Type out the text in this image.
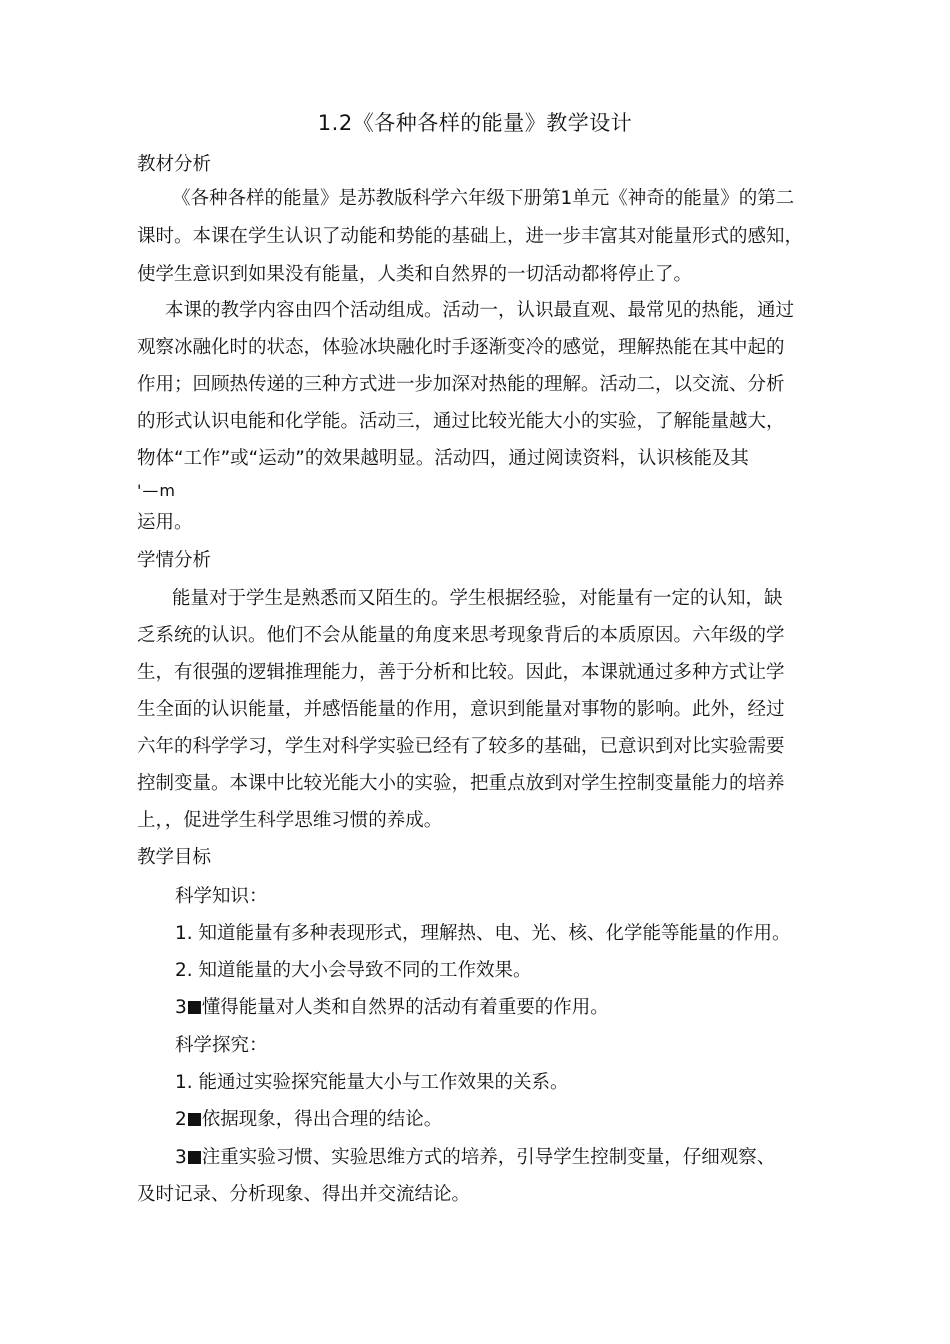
1.2《各种各样的能量》教学设计
教材分析
《各种各样的能量》是苏教版科学六年级下册第1单元《神奇的能量》的第二
课时。本课在学生认识了动能和势能的基础上，进一步丰富其对能量形式的感知，
使学生意识到如果没有能量，人类和自然界的一切活动都将停止了。
本课的教学内容由四个活动组成。活动一，认识最直观、最常见的热能，通过
观察冰融化时的状态，体验冰块融化时手逐渐变冷的感觉，理解热能在其中起的
作用；回顾热传递的三种方式进一步加深对热能的理解。活动二，以交流、分析
的形式认识电能和化学能。活动三，通过比较光能大小的实验，了解能量越大，
物体“工作”或“运动”的效果越明显。活动四，通过阅读资料，认识核能及其
'—m
运用。
学情分析
能量对于学生是熟悉而又陌生的。学生根据经验，对能量有一定的认知，缺
乏系统的认识。他们不会从能量的角度来思考现象背后的本质原因。六年级的学
生，有很强的逻辑推理能力，善于分析和比较。因此，本课就通过多种方式让学
生全面的认识能量，并感悟能量的作用，意识到能量对事物的影响。此外，经过
六年的科学学习，学生对科学实验已经有了较多的基础，已意识到对比实验需要
控制变量。本课中比较光能大小的实验，把重点放到对学生控制变量能力的培养
上，，促进学生科学思维习惯的养成。
教学目标
科学知识：
1. 知道能量有多种表现形式，理解热、电、光、核、化学能等能量的作用。
2. 知道能量的大小会导致不同的工作效果。
3 懂得能量对人类和自然界的活动有着重要的作用。
科学探究：
1. 能通过实验探究能量大小与工作效果的关系。
2 依据现象，得出合理的结论。
3 注重实验习惯、实验思维方式的培养，引导学生控制变量，仔细观察、
及时记录、分析现象、得出并交流结论。
